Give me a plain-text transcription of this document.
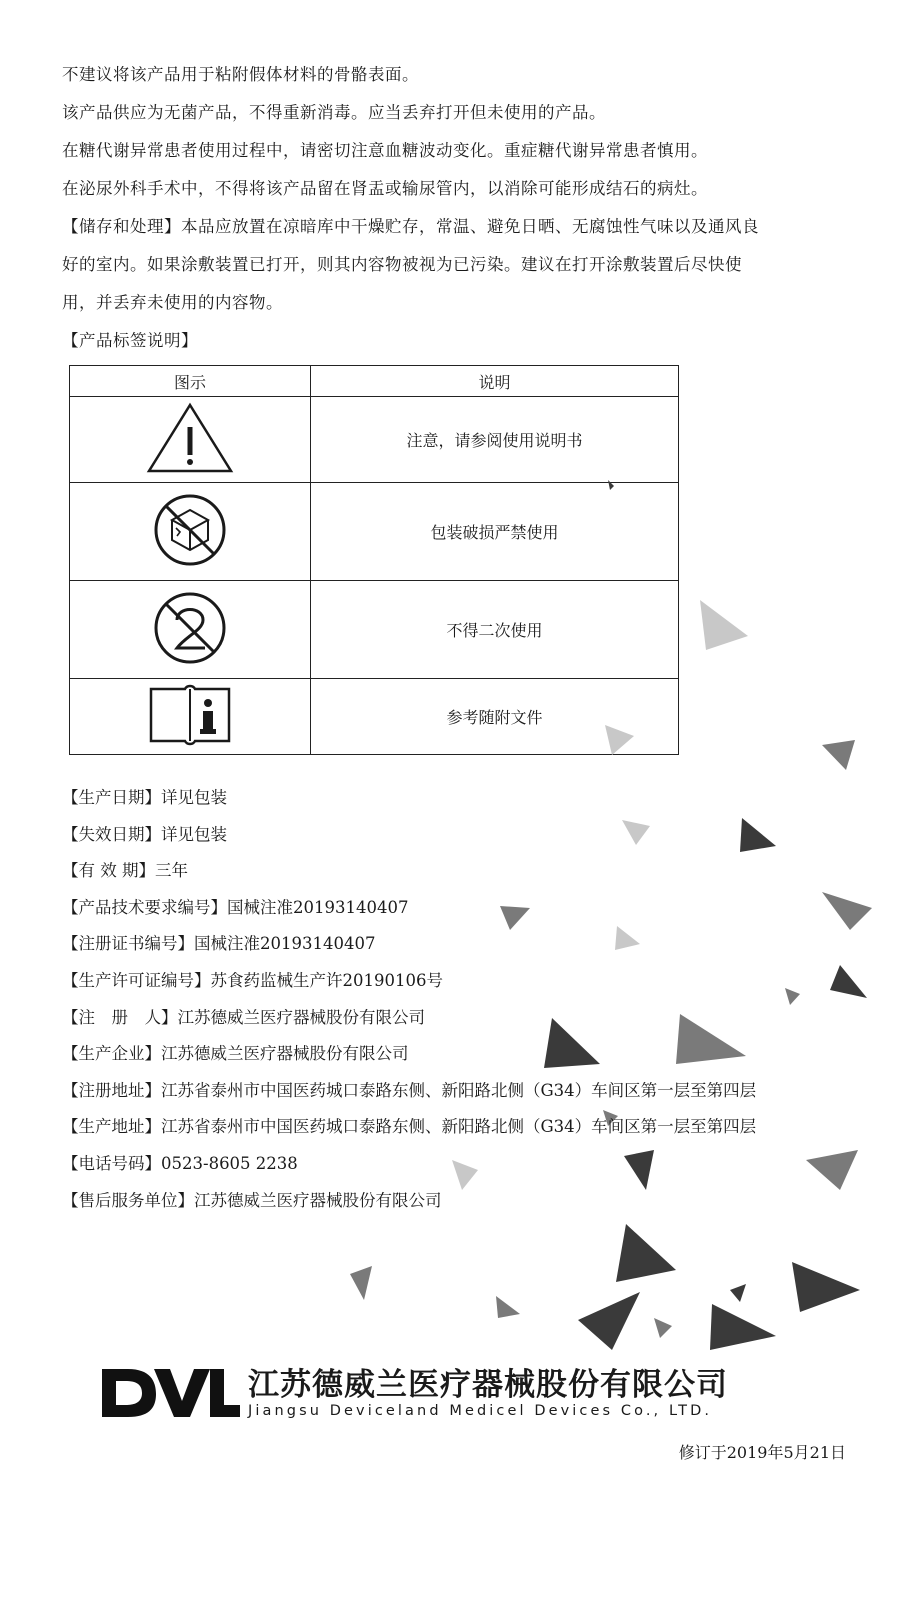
不建议将该产品用于粘附假体材料的骨骼表面。
该产品供应为无菌产品，不得重新消毒。应当丢弃打开但未使用的产品。
在糖代谢异常患者使用过程中，请密切注意血糖波动变化。重症糖代谢异常患者慎用。
在泌尿外科手术中，不得将该产品留在肾盂或输尿管内，以消除可能形成结石的病灶。
【储存和处理】本品应放置在凉暗库中干燥贮存，常温、避免日晒、无腐蚀性气味以及通风良
好的室内。如果涂敷装置已打开，则其内容物被视为已污染。建议在打开涂敷装置后尽快使
用，并丢弃未使用的内容物。
【产品标签说明】
图示	说明
	注意，请参阅使用说明书
	包装破损严禁使用
	不得二次使用
	参考随附文件
【生产日期】详见包装
【失效日期】详见包装
【有 效 期】三年
【产品技术要求编号】国械注准20193140407
【注册证书编号】国械注准20193140407
【生产许可证编号】苏食药监械生产许20190106号
【注　册　人】江苏德威兰医疗器械股份有限公司
【生产企业】江苏德威兰医疗器械股份有限公司
【注册地址】江苏省泰州市中国医药城口泰路东侧、新阳路北侧（G34）车间区第一层至第四层
【生产地址】江苏省泰州市中国医药城口泰路东侧、新阳路北侧（G34）车间区第一层至第四层
【电话号码】0523-8605 2238
【售后服务单位】江苏德威兰医疗器械股份有限公司
江苏德威兰医疗器械股份有限公司
Jiangsu Deviceland Medicel Devices Co., LTD.
修订于2019年5月21日
